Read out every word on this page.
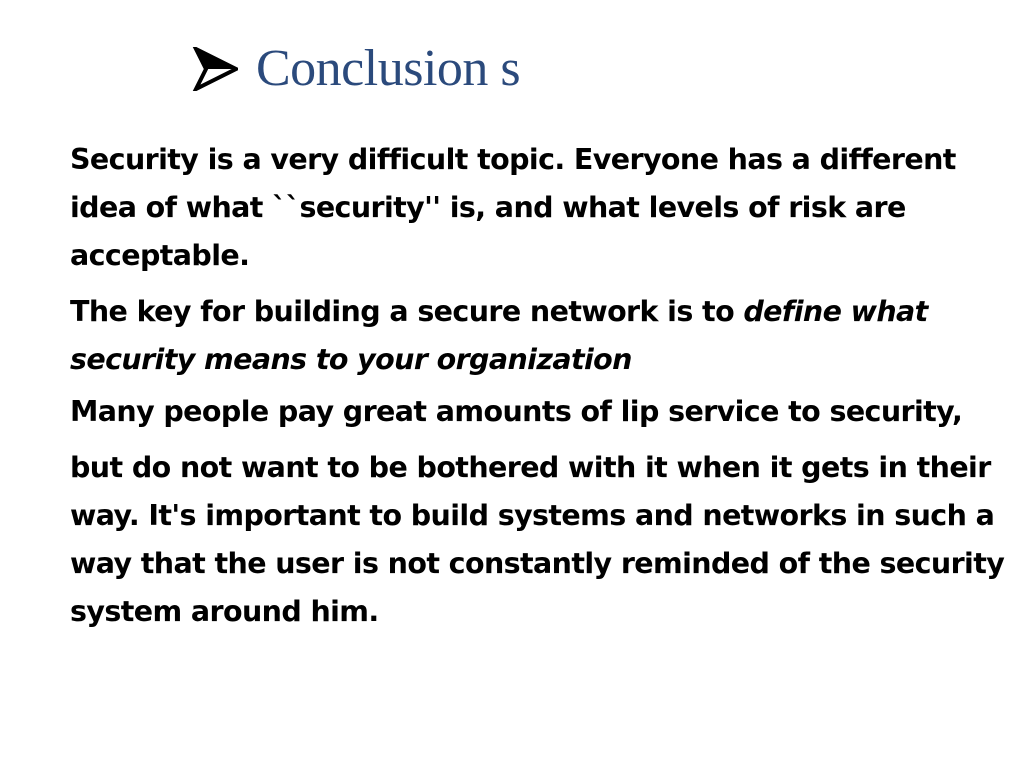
Conclusion s

Security is a very difficult topic. Everyone has a different idea of what ``security'' is, and what levels of risk are acceptable.

The key for building a secure network is to define what security means to your organization

Many people pay great amounts of lip service to security,

but do not want to be bothered with it when it gets in their way. It's important to build systems and networks in such a way that the user is not constantly reminded of the security system around him.
